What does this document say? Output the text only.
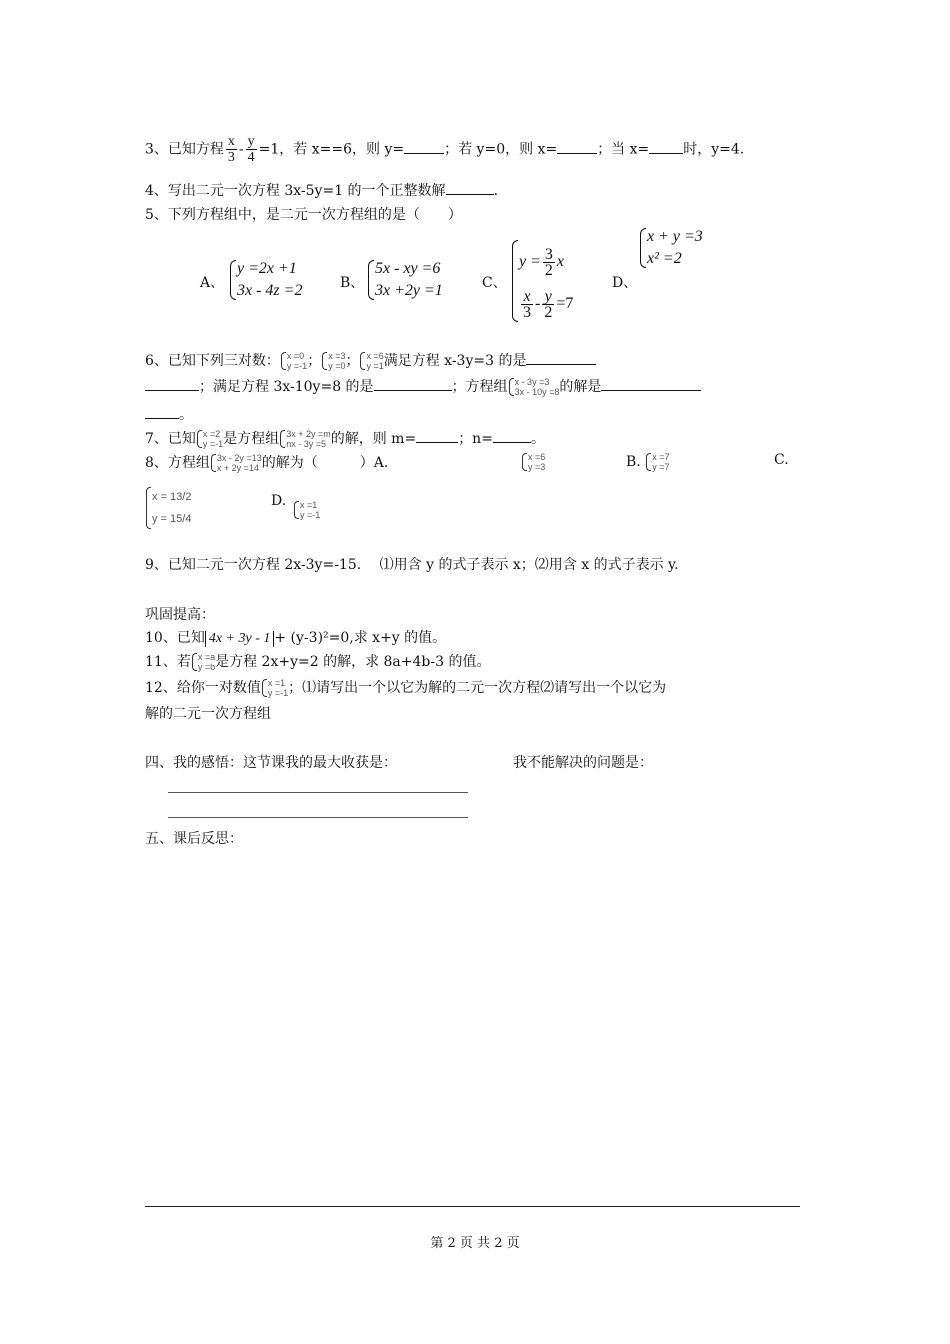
3、已知方程 $\frac{x}{3} - \frac{y}{4} =1$，若 x==6，则 y=	；若 y=0，则 x=	；当 x= 时，y=4.
4、写出二元一次方程 3x-5y=1 的一个正整数解	.
5、下列方程组中，是二元一次方程组的是（　　）
A、
y =2x +1
3x - 4z =2	B、
5x - xy =6
3x +2y =1	C、
$y = \frac{3}{2}$ x
$\frac{x}{3} - \frac{y}{2} =7$
D、
x + y =3
x² =2
6、已知下列三对数： x =0
y =-1 ； x =3
y =0 ； x =6
y =1 满足方程 x-3y=3 的是
；满足方程 3x-10y=8 的是	；方程组 x - 3y =3
3x - 10y =8 的解是
。
7、已知 x =2
y =-1 是方程组 3x + 2y =m
nx - 3y =5 的解，则 m=	；n=	。
8、方程组 3x - 2y =13
x + 2y =14 的解为（　　　）A.	x =6
y =3	B. x =7
y =7	C.
x = 13/2
y = 15/4
D. x =1
y =-1
9、已知二元一次方程 2x-3y=-15.　 ⑴用含 y 的式子表示 x；⑵用含 x 的式子表示 y.
巩固提高：
10、已知 4x + 3y - 1 + (y-3)²=0,求 x+y 的值。
11、若 x =a
y =b 是方程 2x+y=2 的解，求 8a+4b-3 的值。
12、给你一对数值 x =1
y =-1 ；⑴请写出一个以它为解的二元一次方程⑵请写出一个以它为
解的二元一次方程组
四、我的感悟：这节课我的最大收获是：	我不能解决的问题是：
五、课后反思：
第 2 页 共 2 页
